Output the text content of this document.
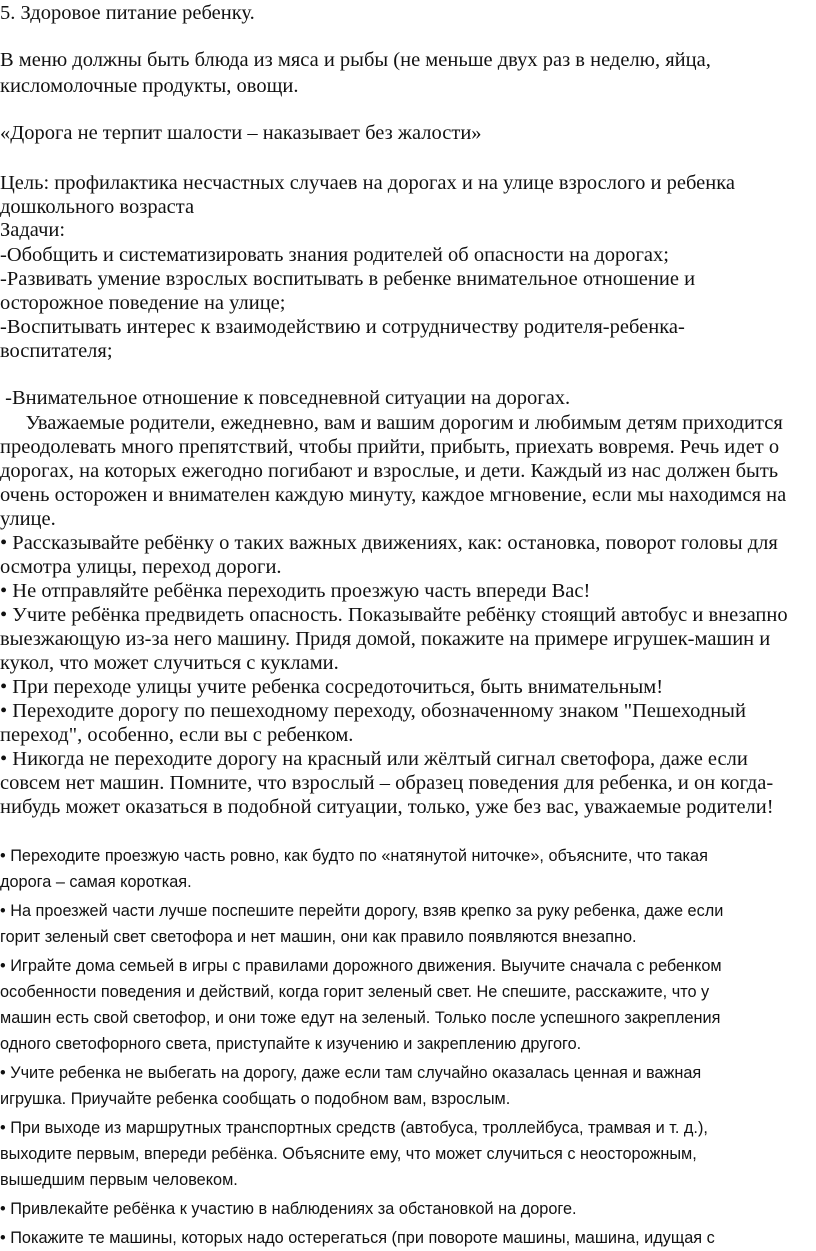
5. Здоровое питание ребенку.
В меню должны быть блюда из мяса и рыбы (не меньше двух раз в неделю, яйца,
кисломолочные продукты, овощи.
«Дорога не терпит шалости – наказывает без жалости»
Цель: профилактика несчастных случаев на дорогах и на улице взрослого и ребенка
дошкольного возраста
Задачи:
-Обобщить и систематизировать знания родителей об опасности на дорогах;
-Развивать умение взрослых воспитывать в ребенке внимательное отношение и
осторожное поведение на улице;
-Воспитывать интерес к взаимодействию и сотрудничеству родителя-ребенка-
воспитателя;
-Внимательное отношение к повседневной ситуации на дорогах.
Уважаемые родители, ежедневно, вам и вашим дорогим и любимым детям приходится
преодолевать много препятствий, чтобы прийти, прибыть, приехать вовремя. Речь идет о
дорогах, на которых ежегодно погибают и взрослые, и дети. Каждый из нас должен быть
очень осторожен и внимателен каждую минуту, каждое мгновение, если мы находимся на
улице.
• Рассказывайте ребёнку о таких важных движениях, как: остановка, поворот головы для
осмотра улицы, переход дороги.
• Не отправляйте ребёнка переходить проезжую часть впереди Вас!
• Учите ребёнка предвидеть опасность. Показывайте ребёнку стоящий автобус и внезапно
выезжающую из-за него машину. Придя домой, покажите на примере игрушек-машин и
кукол, что может случиться с куклами.
• При переходе улицы учите ребенка сосредоточиться, быть внимательным!
• Переходите дорогу по пешеходному переходу, обозначенному знаком "Пешеходный
переход", особенно, если вы с ребенком.
• Никогда не переходите дорогу на красный или жёлтый сигнал светофора, даже если
совсем нет машин. Помните, что взрослый – образец поведения для ребенка, и он когда-
нибудь может оказаться в подобной ситуации, только, уже без вас, уважаемые родители!
• Переходите проезжую часть ровно, как будто по «натянутой ниточке», объясните, что такая
дорога – самая короткая.
• На проезжей части лучше поспешите перейти дорогу, взяв крепко за руку ребенка, даже если
горит зеленый свет светофора и нет машин, они как правило появляются внезапно.
• Играйте дома семьей в игры с правилами дорожного движения. Выучите сначала с ребенком
особенности поведения и действий, когда горит зеленый свет. Не спешите, расскажите, что у
машин есть свой светофор, и они тоже едут на зеленый. Только после успешного закрепления
одного светофорного света, приступайте к изучению и закреплению другого.
• Учите ребенка не выбегать на дорогу, даже если там случайно оказалась ценная и важная
игрушка. Приучайте ребенка сообщать о подобном вам, взрослым.
• При выходе из маршрутных транспортных средств (автобуса, троллейбуса, трамвая и т. д.),
выходите первым, впереди ребёнка. Объясните ему, что может случиться с неосторожным,
вышедшим первым человеком.
• Привлекайте ребёнка к участию в наблюдениях за обстановкой на дороге.
• Покажите те машины, которых надо остерегаться (при повороте машины, машина, идущая с
